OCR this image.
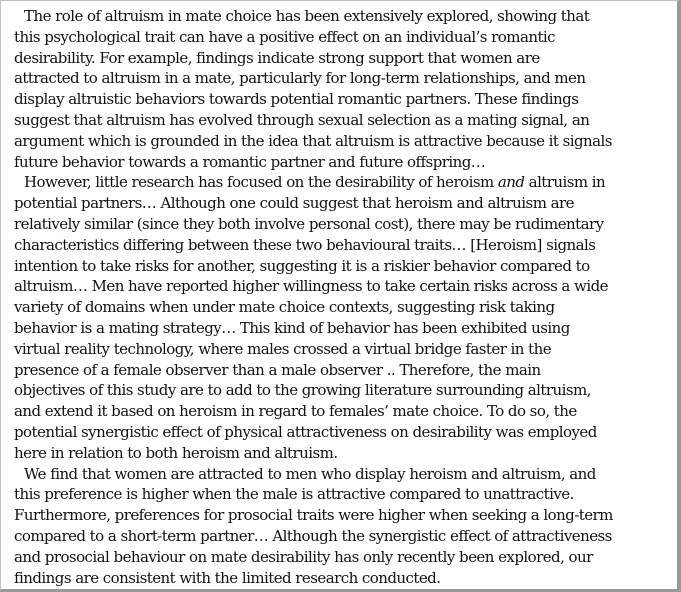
The role of altruism in mate choice has been extensively explored, showing that
this psychological trait can have a positive effect on an individual’s romantic
desirability. For example, findings indicate strong support that women are
attracted to altruism in a mate, particularly for long-term relationships, and men
display altruistic behaviors towards potential romantic partners. These findings
suggest that altruism has evolved through sexual selection as a mating signal, an
argument which is grounded in the idea that altruism is attractive because it signals
future behavior towards a romantic partner and future offspring…
However, little research has focused on the desirability of heroism and altruism in
potential partners… Although one could suggest that heroism and altruism are
relatively similar (since they both involve personal cost), there may be rudimentary
characteristics differing between these two behavioural traits… [Heroism] signals
intention to take risks for another, suggesting it is a riskier behavior compared to
altruism… Men have reported higher willingness to take certain risks across a wide
variety of domains when under mate choice contexts, suggesting risk taking
behavior is a mating strategy… This kind of behavior has been exhibited using
virtual reality technology, where males crossed a virtual bridge faster in the
presence of a female observer than a male observer .. Therefore, the main
objectives of this study are to add to the growing literature surrounding altruism,
and extend it based on heroism in regard to females’ mate choice. To do so, the
potential synergistic effect of physical attractiveness on desirability was employed
here in relation to both heroism and altruism.
We find that women are attracted to men who display heroism and altruism, and
this preference is higher when the male is attractive compared to unattractive.
Furthermore, preferences for prosocial traits were higher when seeking a long-term
compared to a short-term partner… Although the synergistic effect of attractiveness
and prosocial behaviour on mate desirability has only recently been explored, our
findings are consistent with the limited research conducted.
